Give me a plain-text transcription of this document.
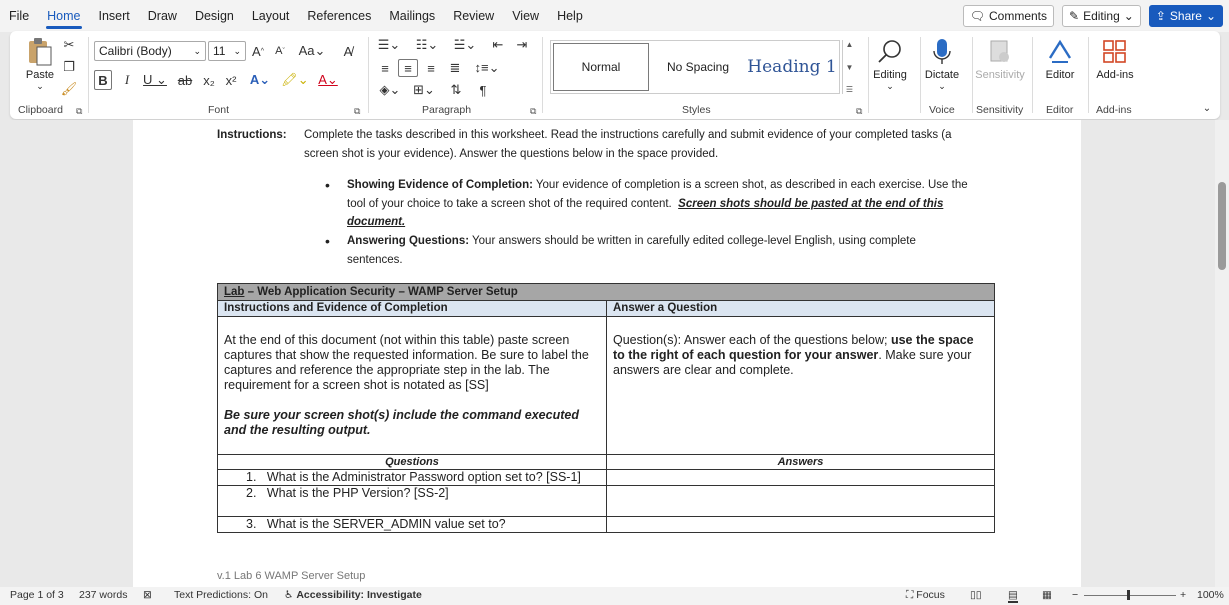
File	Home	Insert	Draw	Design	Layout	References	Mailings	Review	View	Help	🗨 Comments ✎ Editing ⌄ ⇪ Share ⌄
Paste
⌄
✂
❐
🖌
Clipboard ⧉
Calibri (Body) ⌄ 11 ⌄ A ^ A ˇ Aa⌄	A̸
B	I	U ⌄ ab x₂ x² A⌄ 🖍⌄ A⌄
Font	⧉
☰⌄ ☷⌄ ☱⌄	⇤	⇥
≡	≡	≡	≣ ↕≡⌄
◈⌄ ⊞⌄	⇅	¶
Paragraph	⧉
Normal	No Spacing	Heading 1
▲
▼
☰
Styles	⧉
Editing
⌄
Dictate
⌄
Voice
Sensitivity
Sensitivity
Editor
Editor
Add-ins
Add-ins	⌄
Instructions: Complete the tasks described in this worksheet. Read the instructions carefully and submit evidence of your completed tasks (a
screen shot is your evidence). Answer the questions below in the space provided.
• Showing Evidence of Completion: Your evidence of completion is a screen shot, as described in each exercise. Use the
tool of your choice to take a screen shot of the required content. Screen shots should be pasted at the end of this
document.
• Answering Questions: Your answers should be written in carefully edited college-level English, using complete
sentences.
Lab – Web Application Security – WAMP Server Setup	
Instructions and Evidence of Completion	Answer a Question

At the end of this document (not within this table) paste screen captures that show the requested information. Be sure to label the captures and reference the appropriate step in the lab. The requirement for a screen shot is notated as [SS]
Be sure your screen shot(s) include the command executed and the resulting output.	Question(s): Answer each of the questions below; use the space to the right of each question for your answer. Make sure your answers are clear and complete.
Questions	Answers
1. What is the Administrator Password option set to? [SS-1]	
2. What is the PHP Version? [SS-2]	
3. What is the SERVER_ADMIN value set to?	
v.1 Lab 6 WAMP Server Setup
Page 1 of 3 237 words ⊠ Text Predictions: On ♿ Accessibility: Investigate	⛶ Focus ▯▯	▤ ▦ −	+ 100%
